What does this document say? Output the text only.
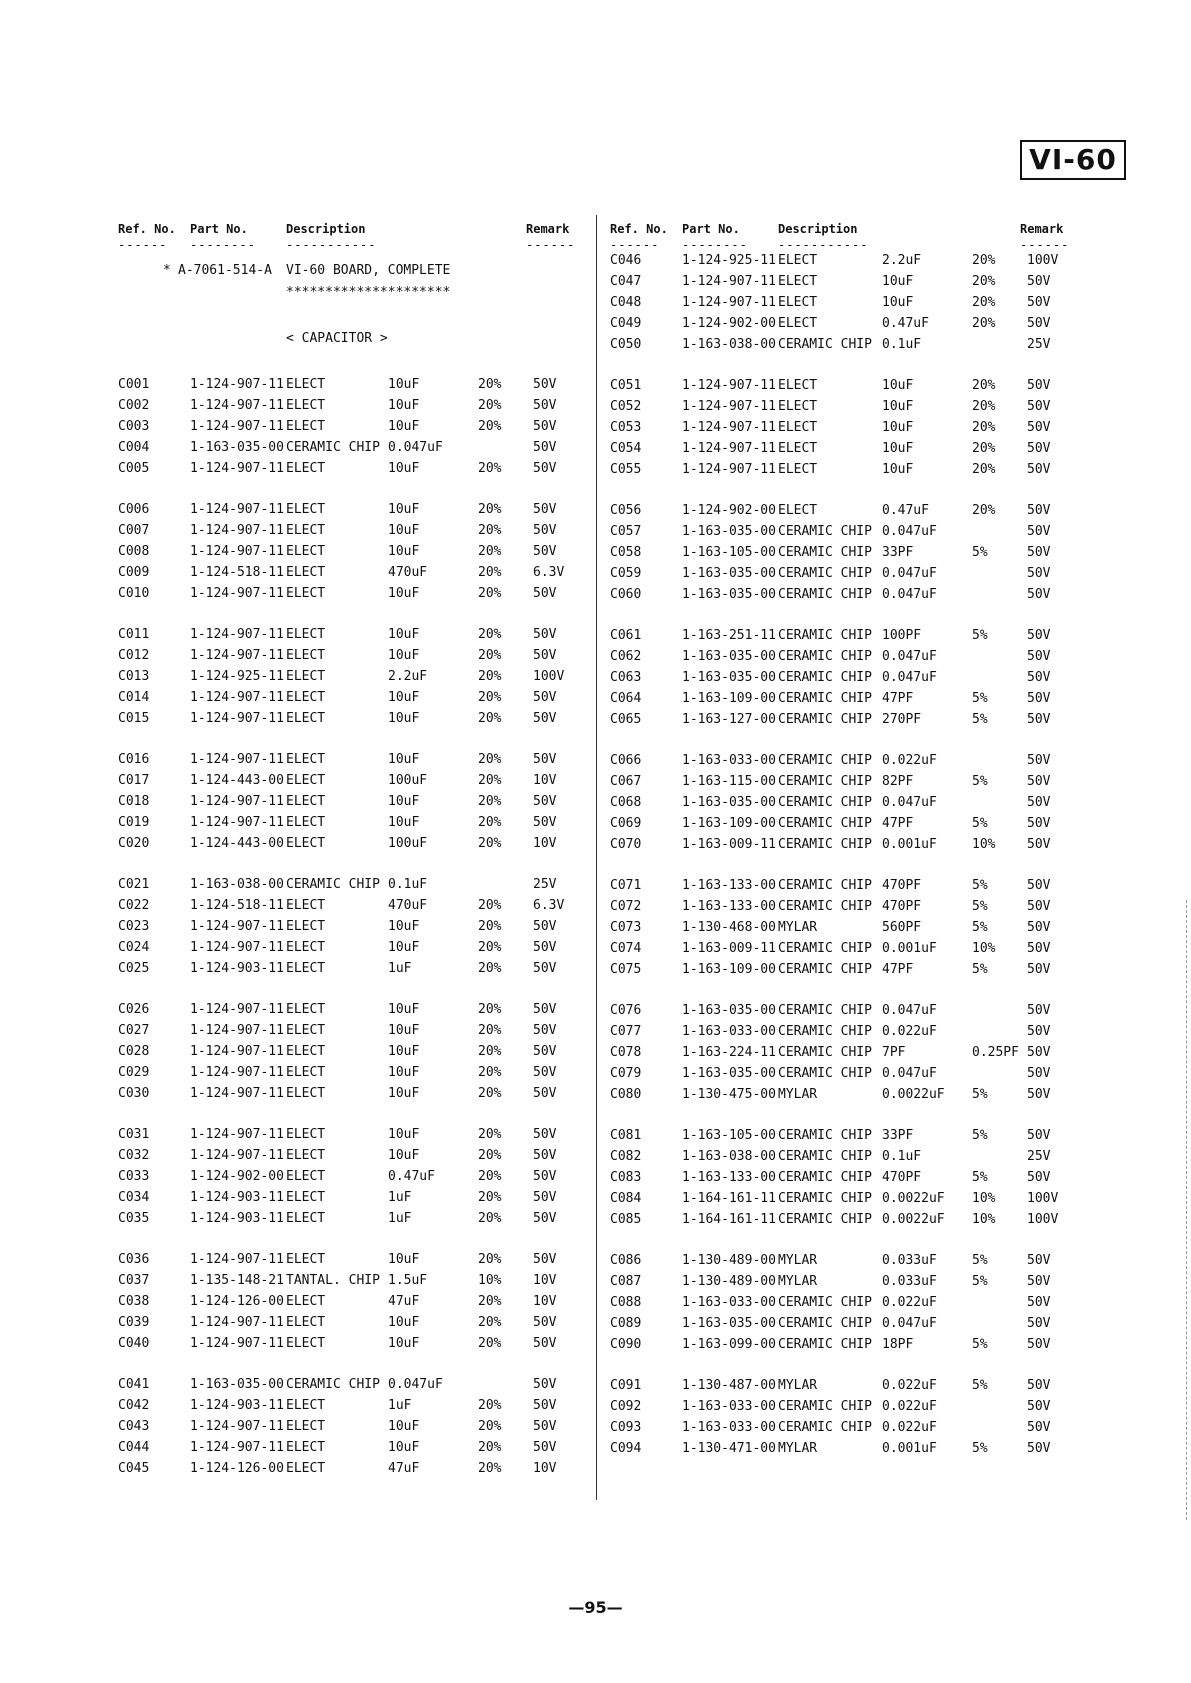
VI-60
Ref. No. Part No.	Description	Remark
------ --------	-----------	------
* A-7061-514-A VI-60 BOARD, COMPLETE
*********************
< CAPACITOR >
C001	1-124-907-11 ELECT	10uF	20% 50V
C002	1-124-907-11 ELECT	10uF	20% 50V
C003	1-124-907-11 ELECT	10uF	20% 50V
C004	1-163-035-00 CERAMIC CHIP 0.047uF	50V
C005	1-124-907-11 ELECT	10uF	20% 50V
C006	1-124-907-11 ELECT	10uF	20% 50V
C007	1-124-907-11 ELECT	10uF	20% 50V
C008	1-124-907-11 ELECT	10uF	20% 50V
C009	1-124-518-11 ELECT	470uF	20% 6.3V
C010	1-124-907-11 ELECT	10uF	20% 50V
C011	1-124-907-11 ELECT	10uF	20% 50V
C012	1-124-907-11 ELECT	10uF	20% 50V
C013	1-124-925-11 ELECT	2.2uF	20% 100V
C014	1-124-907-11 ELECT	10uF	20% 50V
C015	1-124-907-11 ELECT	10uF	20% 50V
C016	1-124-907-11 ELECT	10uF	20% 50V
C017	1-124-443-00 ELECT	100uF	20% 10V
C018	1-124-907-11 ELECT	10uF	20% 50V
C019	1-124-907-11 ELECT	10uF	20% 50V
C020	1-124-443-00 ELECT	100uF	20% 10V
C021	1-163-038-00 CERAMIC CHIP 0.1uF	25V
C022	1-124-518-11 ELECT	470uF	20% 6.3V
C023	1-124-907-11 ELECT	10uF	20% 50V
C024	1-124-907-11 ELECT	10uF	20% 50V
C025	1-124-903-11 ELECT	1uF	20% 50V
C026	1-124-907-11 ELECT	10uF	20% 50V
C027	1-124-907-11 ELECT	10uF	20% 50V
C028	1-124-907-11 ELECT	10uF	20% 50V
C029	1-124-907-11 ELECT	10uF	20% 50V
C030	1-124-907-11 ELECT	10uF	20% 50V
C031	1-124-907-11 ELECT	10uF	20% 50V
C032	1-124-907-11 ELECT	10uF	20% 50V
C033	1-124-902-00 ELECT	0.47uF	20% 50V
C034	1-124-903-11 ELECT	1uF	20% 50V
C035	1-124-903-11 ELECT	1uF	20% 50V
C036	1-124-907-11 ELECT	10uF	20% 50V
C037	1-135-148-21 TANTAL. CHIP 1.5uF	10% 10V
C038	1-124-126-00 ELECT	47uF	20% 10V
C039	1-124-907-11 ELECT	10uF	20% 50V
C040	1-124-907-11 ELECT	10uF	20% 50V
C041	1-163-035-00 CERAMIC CHIP 0.047uF	50V
C042	1-124-903-11 ELECT	1uF	20% 50V
C043	1-124-907-11 ELECT	10uF	20% 50V
C044	1-124-907-11 ELECT	10uF	20% 50V
C045	1-124-126-00 ELECT	47uF	20% 10V
Ref. No. Part No.	Description	Remark
------ --------	-----------	------
C046	1-124-925-11 ELECT	2.2uF	20% 100V
C047	1-124-907-11 ELECT	10uF	20% 50V
C048	1-124-907-11 ELECT	10uF	20% 50V
C049	1-124-902-00 ELECT	0.47uF	20% 50V
C050	1-163-038-00 CERAMIC CHIP 0.1uF	25V
C051	1-124-907-11 ELECT	10uF	20% 50V
C052	1-124-907-11 ELECT	10uF	20% 50V
C053	1-124-907-11 ELECT	10uF	20% 50V
C054	1-124-907-11 ELECT	10uF	20% 50V
C055	1-124-907-11 ELECT	10uF	20% 50V
C056	1-124-902-00 ELECT	0.47uF	20% 50V
C057	1-163-035-00 CERAMIC CHIP 0.047uF	50V
C058	1-163-105-00 CERAMIC CHIP 33PF	5%	50V
C059	1-163-035-00 CERAMIC CHIP 0.047uF	50V
C060	1-163-035-00 CERAMIC CHIP 0.047uF	50V
C061	1-163-251-11 CERAMIC CHIP 100PF	5%	50V
C062	1-163-035-00 CERAMIC CHIP 0.047uF	50V
C063	1-163-035-00 CERAMIC CHIP 0.047uF	50V
C064	1-163-109-00 CERAMIC CHIP 47PF	5%	50V
C065	1-163-127-00 CERAMIC CHIP 270PF	5%	50V
C066	1-163-033-00 CERAMIC CHIP 0.022uF	50V
C067	1-163-115-00 CERAMIC CHIP 82PF	5%	50V
C068	1-163-035-00 CERAMIC CHIP 0.047uF	50V
C069	1-163-109-00 CERAMIC CHIP 47PF	5%	50V
C070	1-163-009-11 CERAMIC CHIP 0.001uF	10% 50V
C071	1-163-133-00 CERAMIC CHIP 470PF	5%	50V
C072	1-163-133-00 CERAMIC CHIP 470PF	5%	50V
C073	1-130-468-00 MYLAR	560PF	5%	50V
C074	1-163-009-11 CERAMIC CHIP 0.001uF	10% 50V
C075	1-163-109-00 CERAMIC CHIP 47PF	5%	50V
C076	1-163-035-00 CERAMIC CHIP 0.047uF	50V
C077	1-163-033-00 CERAMIC CHIP 0.022uF	50V
C078	1-163-224-11 CERAMIC CHIP 7PF	0.25PF 50V
C079	1-163-035-00 CERAMIC CHIP 0.047uF	50V
C080	1-130-475-00 MYLAR	0.0022uF 5%	50V
C081	1-163-105-00 CERAMIC CHIP 33PF	5%	50V
C082	1-163-038-00 CERAMIC CHIP 0.1uF	25V
C083	1-163-133-00 CERAMIC CHIP 470PF	5%	50V
C084	1-164-161-11 CERAMIC CHIP 0.0022uF 10% 100V
C085	1-164-161-11 CERAMIC CHIP 0.0022uF 10% 100V
C086	1-130-489-00 MYLAR	0.033uF	5%	50V
C087	1-130-489-00 MYLAR	0.033uF	5%	50V
C088	1-163-033-00 CERAMIC CHIP 0.022uF	50V
C089	1-163-035-00 CERAMIC CHIP 0.047uF	50V
C090	1-163-099-00 CERAMIC CHIP 18PF	5%	50V
C091	1-130-487-00 MYLAR	0.022uF	5%	50V
C092	1-163-033-00 CERAMIC CHIP 0.022uF	50V
C093	1-163-033-00 CERAMIC CHIP 0.022uF	50V
C094	1-130-471-00 MYLAR	0.001uF	5%	50V
—95—
